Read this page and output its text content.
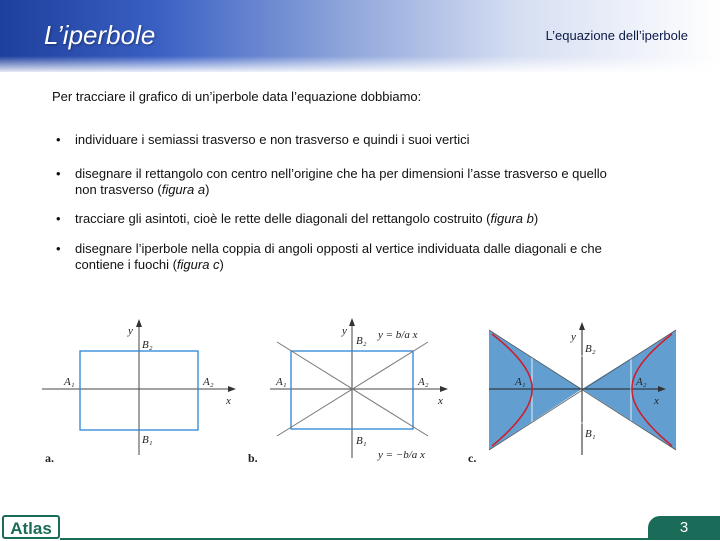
L’iperbole	L’equazione dell’iperbole
Per tracciare il grafico di un’iperbole data l’equazione dobbiamo:
• individuare i semiassi trasverso e non trasverso e quindi i suoi vertici
• disegnare il rettangolo con centro nell’origine che ha per dimensioni l’asse trasverso e quello non trasverso (figura a)
• tracciare gli asintoti, cioè le rette delle diagonali del rettangolo costruito (figura b)
• disegnare l’iperbole nella coppia di angoli opposti al vertice individuata dalle diagonali e che contiene i fuochi (figura c)
y
x
A₁	A₂
B₂
B₁
a.
y
x
A₁	A₂
B₂
B₁
y = b/a x
y = −b/a x
b.
y
x
A₁	A₂
B₂
B₁
c.
Atlas	3
